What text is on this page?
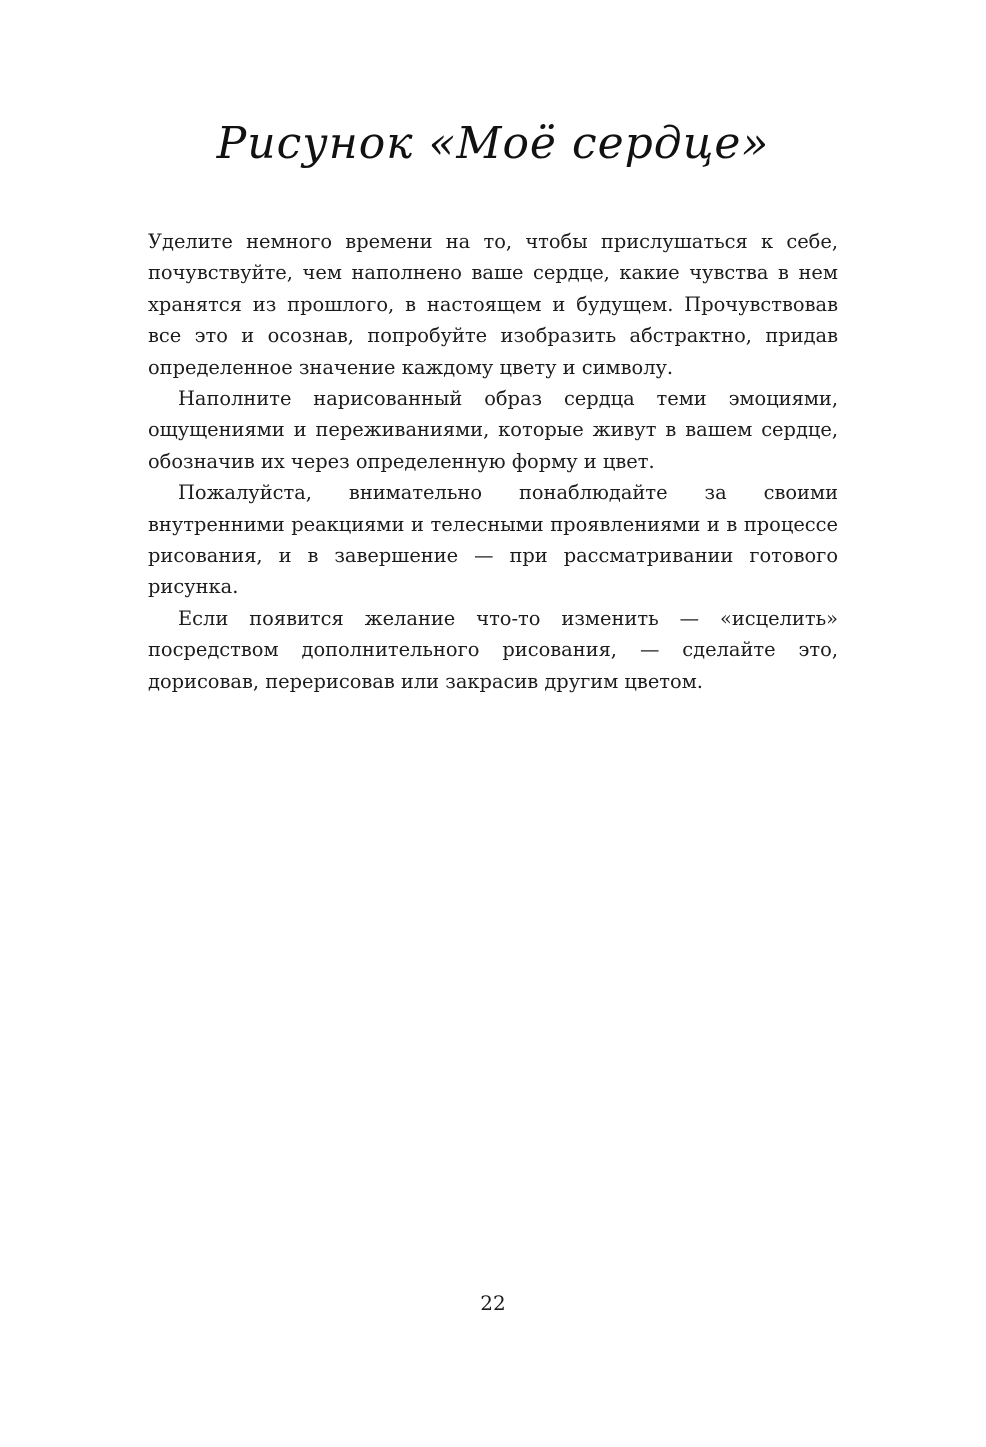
Рисунок «Моё сердце»

Уделите немного времени на то, чтобы прислушаться к себе, почувствуйте, чем наполнено ваше сердце, какие чувства в нем хранятся из прошлого, в настоящем и будущем. Прочувствовав все это и осознав, попробуйте изобразить абстрактно, придав определенное значение каждому цвету и символу.

Наполните нарисованный образ сердца теми эмоциями, ощущениями и переживаниями, которые живут в вашем сердце, обозначив их через определенную форму и цвет.

Пожалуйста, внимательно понаблюдайте за своими внутренними реакциями и телесными проявлениями и в процессе рисования, и в завершение — при рассматривании готового рисунка.

Если появится желание что-то изменить — «исцелить» посредством дополнительного рисования, — сделайте это, дорисовав, перерисовав или закрасив другим цветом.

22
